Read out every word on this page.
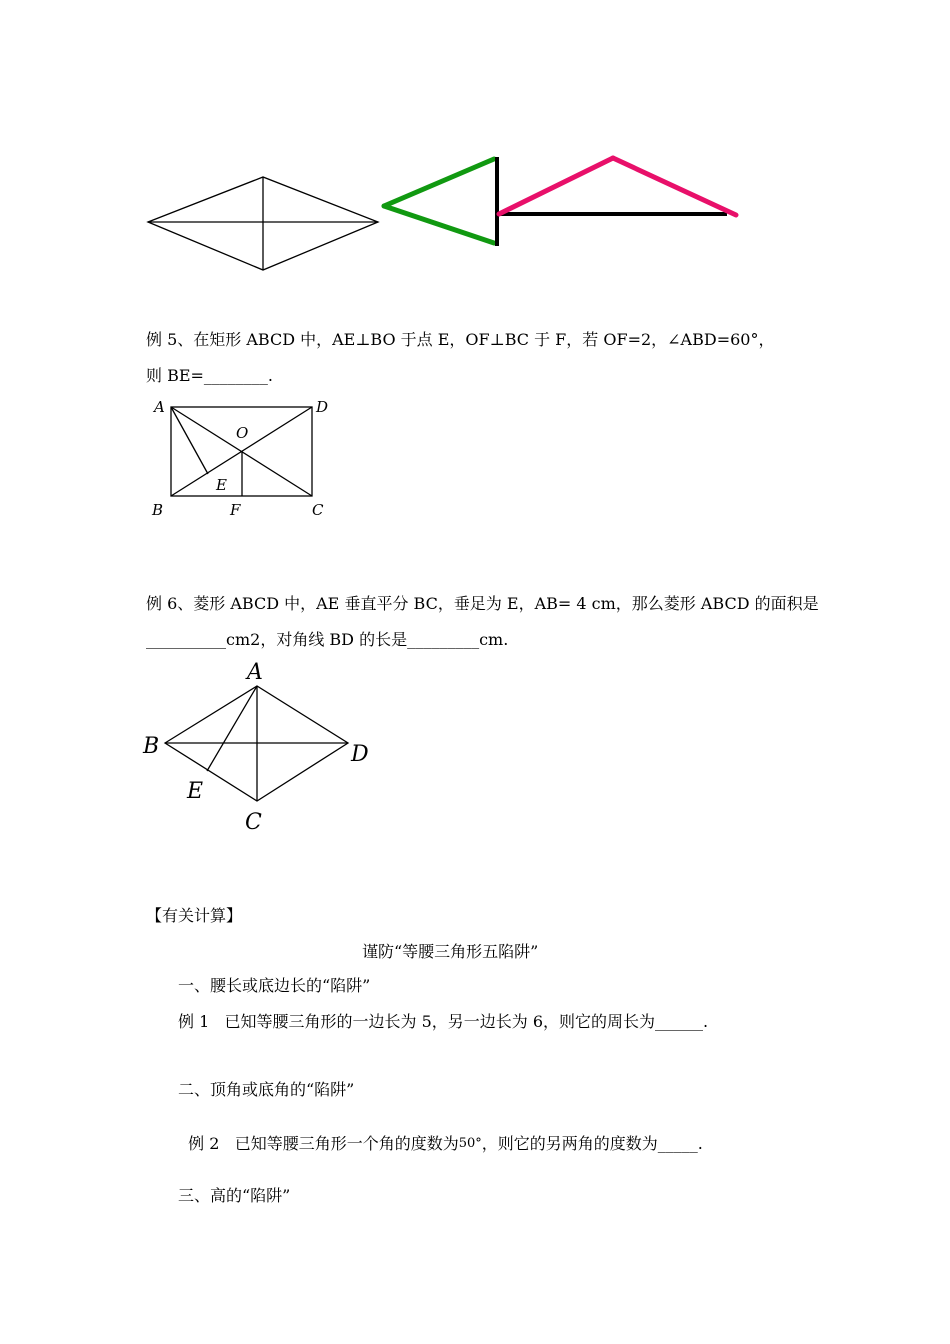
例 5、在矩形 ABCD 中，AE⊥BO 于点 E，OF⊥BC 于 F，若 OF=2，∠ABD=60°，
则 BE=________.
A	D
O
E
B	F	C
例 6、菱形 ABCD 中，AE 垂直平分 BC，垂足为 E，AB= 4 cm，那么菱形 ABCD 的面积是
__________cm2，对角线 BD 的长是_________cm.
A
B	D
E
C
【有关计算】
谨防“等腰三角形五陷阱”
一、腰长或底边长的“陷阱”
例 1   已知等腰三角形的一边长为 5，另一边长为 6，则它的周长为______.
二、顶角或底角的“陷阱”

例 2   已知等腰三角形一个角的度数为50°，则它的另两角的度数为_____.

三、高的“陷阱”
